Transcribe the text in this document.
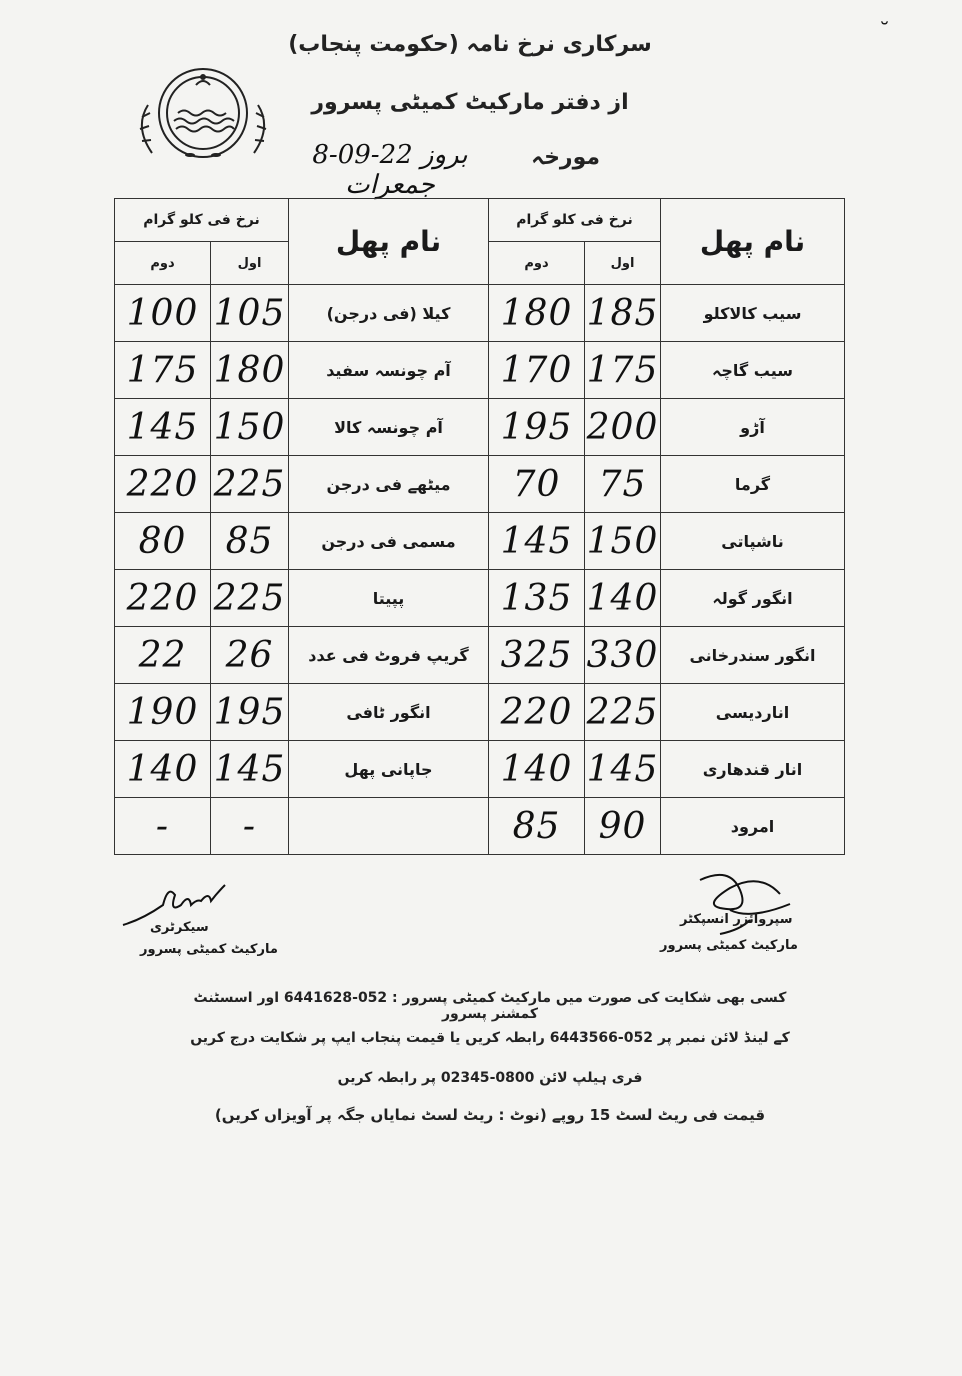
˘
سرکاری نرخ نامہ (حکومت پنجاب)
از دفتر مارکیٹ کمیٹی پسرور
مورخہ
8-09-22 بروز جمعرات
نرخ فی کلو گرام		نام پھل	نرخ فی کلو گرام		نام پھل
دوم	اول		دوم	اول	
100	105	کیلا (فی درجن)	180	185	سیب کالاکلو
175	180	آم چونسہ سفید	170	175	سیب گاچہ
145	150	آم چونسہ کالا	195	200	آڑو
220	225	میٹھے فی درجن	70	75	گرما
80	85	مسمی فی درجن	145	150	ناشپاتی
220	225	پپیتا	135	140	انگور گولہ
22	26	گریپ فروٹ فی عدد	325	330	انگور سندرخانی
190	195	انگور ٹافی	220	225	اناردیسی
140	145	جاپانی پھل	140	145	انار قندھاری
-	-		85	90	امرود
سیکرٹری
مارکیٹ کمیٹی پسرور
سپروائزر انسپکٹر
مارکیٹ کمیٹی پسرور
کسی بھی شکایت کی صورت میں مارکیٹ کمیٹی پسرور : 052-6441628 اور اسسٹنٹ کمشنر پسرور
کے لینڈ لائن نمبر پر 052-6443566 رابطہ کریں یا قیمت پنجاب ایپ پر شکایت درج کریں
فری ہیلپ لائن 0800-02345 پر رابطہ کریں
قیمت فی ریٹ لسٹ 15 روپے (نوٹ : ریٹ لسٹ نمایاں جگہ پر آویزاں کریں)
